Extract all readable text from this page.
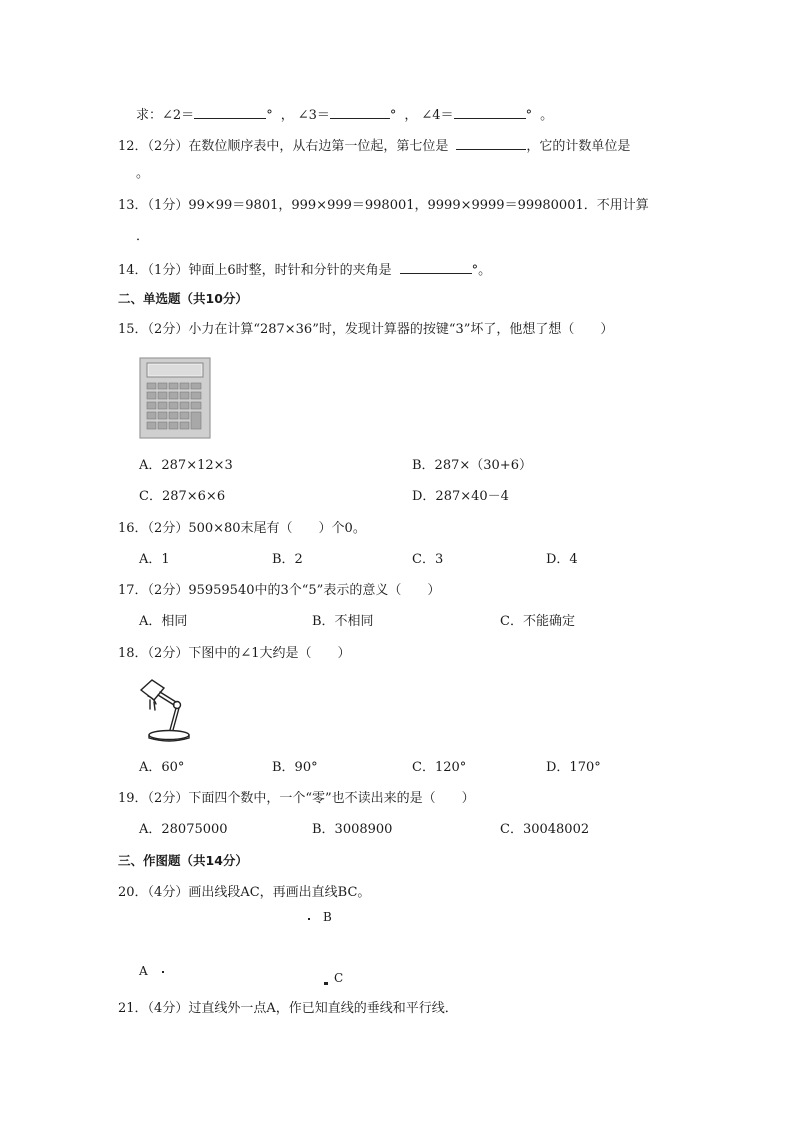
求：∠2＝	° ， ∠3＝	° ， ∠4＝	° 。
12．（2分）在数位顺序表中，从右边第一位起，第七位是	，它的计数单位是
。
13．（1分）99×99＝9801，999×999＝998001，9999×9999＝99980001．不用计算
．
14．（1分）钟面上6时整，时针和分针的夹角是	°。
二、单选题（共10分）
15．（2分）小力在计算“287×36”时，发现计算器的按键“3”坏了，他想了想（　　）
A．287×12×3	B．287×（30+6）
C．287×6×6	D．287×40－4
16．（2分）500×80末尾有（　　）个0。
A．1	B．2	C．3	D．4
17．（2分）95959540中的3个“5”表示的意义（　　）
A．相同	B．不相同	C．不能确定
18．（2分）下图中的∠1大约是（　　）
A．60°	B．90°	C．120°	D．170°
19．（2分）下面四个数中，一个“零”也不读出来的是（　　）
A．28075000	B．3008900	C．30048002
三、作图题（共14分）
20．（4分）画出线段AC，再画出直线BC。
B
A	C
21．（4分）过直线外一点A，作已知直线的垂线和平行线．
